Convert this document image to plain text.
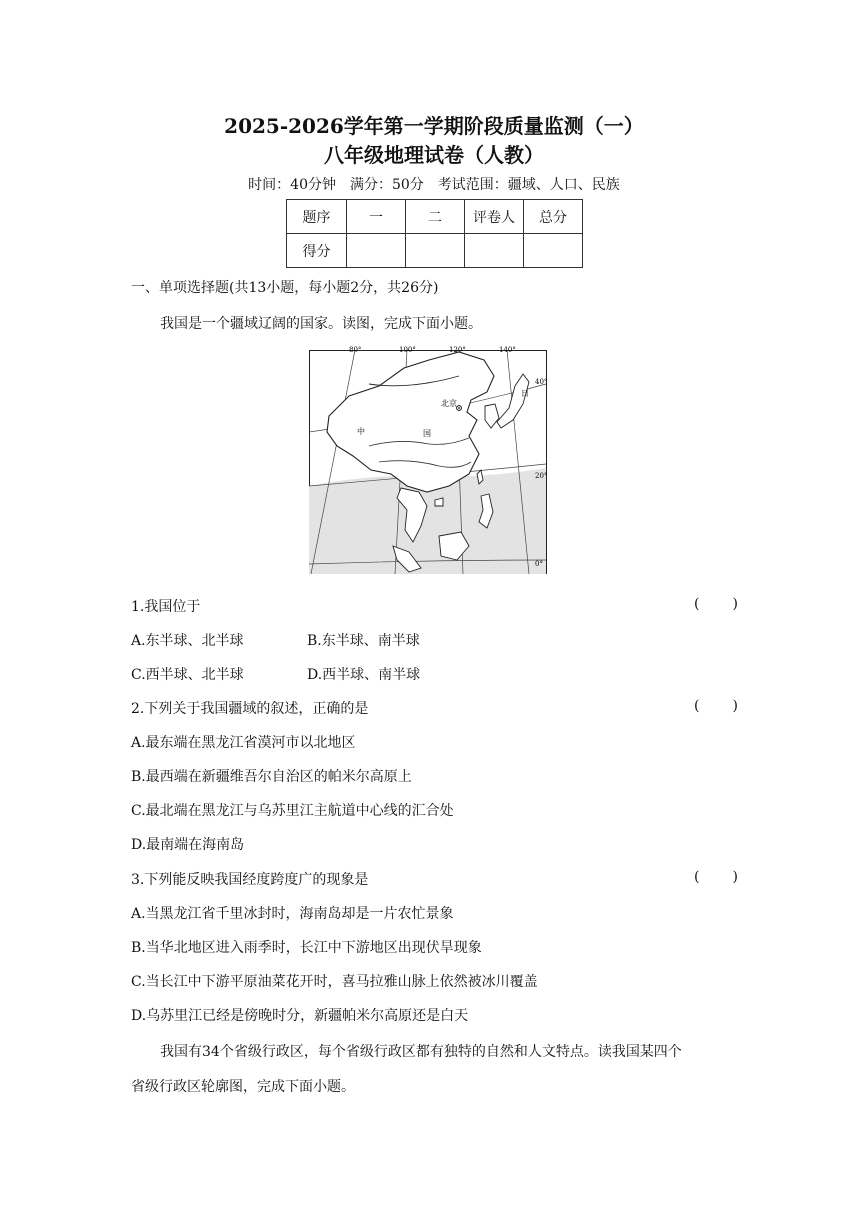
2025-2026学年第一学期阶段质量监测（一）
八年级地理试卷（人教）
时间：40分钟　满分：50分　考试范围：疆域、人口、民族
题序	一	二	评卷人	总分
得分				
一、单项选择题(共13小题，每小题2分，共26分)
我国是一个疆域辽阔的国家。读图，完成下面小题。
80°	100°	120°	140°
40°
20°
0°
北京
中	国
日
1.我国位于	( )
A.东半球、北半球	B.东半球、南半球
C.西半球、北半球	D.西半球、南半球
2.下列关于我国疆域的叙述，正确的是	( )
A.最东端在黑龙江省漠河市以北地区
B.最西端在新疆维吾尔自治区的帕米尔高原上
C.最北端在黑龙江与乌苏里江主航道中心线的汇合处
D.最南端在海南岛
3.下列能反映我国经度跨度广的现象是	( )
A.当黑龙江省千里冰封时，海南岛却是一片农忙景象
B.当华北地区进入雨季时，长江中下游地区出现伏旱现象
C.当长江中下游平原油菜花开时，喜马拉雅山脉上依然被冰川覆盖
D.乌苏里江已经是傍晚时分，新疆帕米尔高原还是白天
我国有34个省级行政区，每个省级行政区都有独特的自然和人文特点。读我国某四个
省级行政区轮廓图，完成下面小题。
